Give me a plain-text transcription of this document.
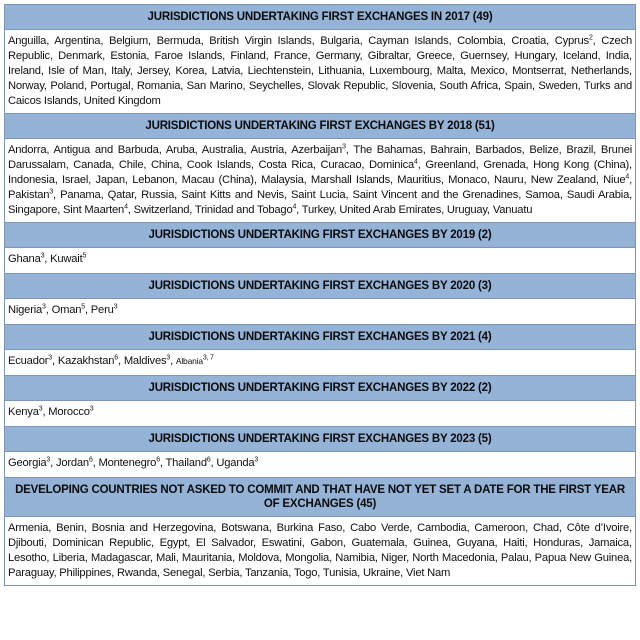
JURISDICTIONS UNDERTAKING FIRST EXCHANGES IN 2017 (49)
Anguilla, Argentina, Belgium, Bermuda, British Virgin Islands, Bulgaria, Cayman Islands, Colombia, Croatia, Cyprus$^2$, Czech Republic, Denmark, Estonia, Faroe Islands, Finland, France, Germany, Gibraltar, Greece, Guernsey, Hungary, Iceland, India, Ireland, Isle of Man, Italy, Jersey, Korea, Latvia, Liechtenstein, Lithuania, Luxembourg, Malta, Mexico, Montserrat, Netherlands, Norway, Poland, Portugal, Romania, San Marino, Seychelles, Slovak Republic, Slovenia, South Africa, Spain, Sweden, Turks and Caicos Islands, United Kingdom
JURISDICTIONS UNDERTAKING FIRST EXCHANGES BY 2018 (51)
Andorra, Antigua and Barbuda, Aruba, Australia, Austria, Azerbaijan$^3$, The Bahamas, Bahrain, Barbados, Belize, Brazil, Brunei Darussalam, Canada, Chile, China, Cook Islands, Costa Rica, Curacao, Dominica$^4$, Greenland, Grenada, Hong Kong (China), Indonesia, Israel, Japan, Lebanon, Macau (China), Malaysia, Marshall Islands, Mauritius, Monaco, Nauru, New Zealand, Niue$^4$, Pakistan$^3$, Panama, Qatar, Russia, Saint Kitts and Nevis, Saint Lucia, Saint Vincent and the Grenadines, Samoa, Saudi Arabia, Singapore, Sint Maarten$^4$, Switzerland, Trinidad and Tobago$^4$, Turkey, United Arab Emirates, Uruguay, Vanuatu
JURISDICTIONS UNDERTAKING FIRST EXCHANGES BY 2019 (2)
Ghana$^3$, Kuwait$^5$
JURISDICTIONS UNDERTAKING FIRST EXCHANGES BY 2020 (3)
Nigeria$^3$, Oman$^5$, Peru$^3$
JURISDICTIONS UNDERTAKING FIRST EXCHANGES BY 2021 (4)
Ecuador$^3$, Kazakhstan$^6$, Maldives$^3$, Albania$^{3, 7}$
JURISDICTIONS UNDERTAKING FIRST EXCHANGES BY 2022 (2)
Kenya$^3$, Morocco$^3$
JURISDICTIONS UNDERTAKING FIRST EXCHANGES BY 2023 (5)
Georgia$^3$, Jordan$^6$, Montenegro$^6$, Thailand$^6$, Uganda$^3$
DEVELOPING COUNTRIES NOT ASKED TO COMMIT AND THAT HAVE NOT YET SET A DATE FOR THE FIRST YEAR OF EXCHANGES (45)
Armenia, Benin, Bosnia and Herzegovina, Botswana, Burkina Faso, Cabo Verde, Cambodia, Cameroon, Chad, Côte d’Ivoire, Djibouti, Dominican Republic, Egypt, El Salvador, Eswatini, Gabon, Guatemala, Guinea, Guyana, Haiti, Honduras, Jamaica, Lesotho, Liberia, Madagascar, Mali, Mauritania, Moldova, Mongolia, Namibia, Niger, North Macedonia, Palau, Papua New Guinea, Paraguay, Philippines, Rwanda, Senegal, Serbia, Tanzania, Togo, Tunisia, Ukraine, Viet Nam
